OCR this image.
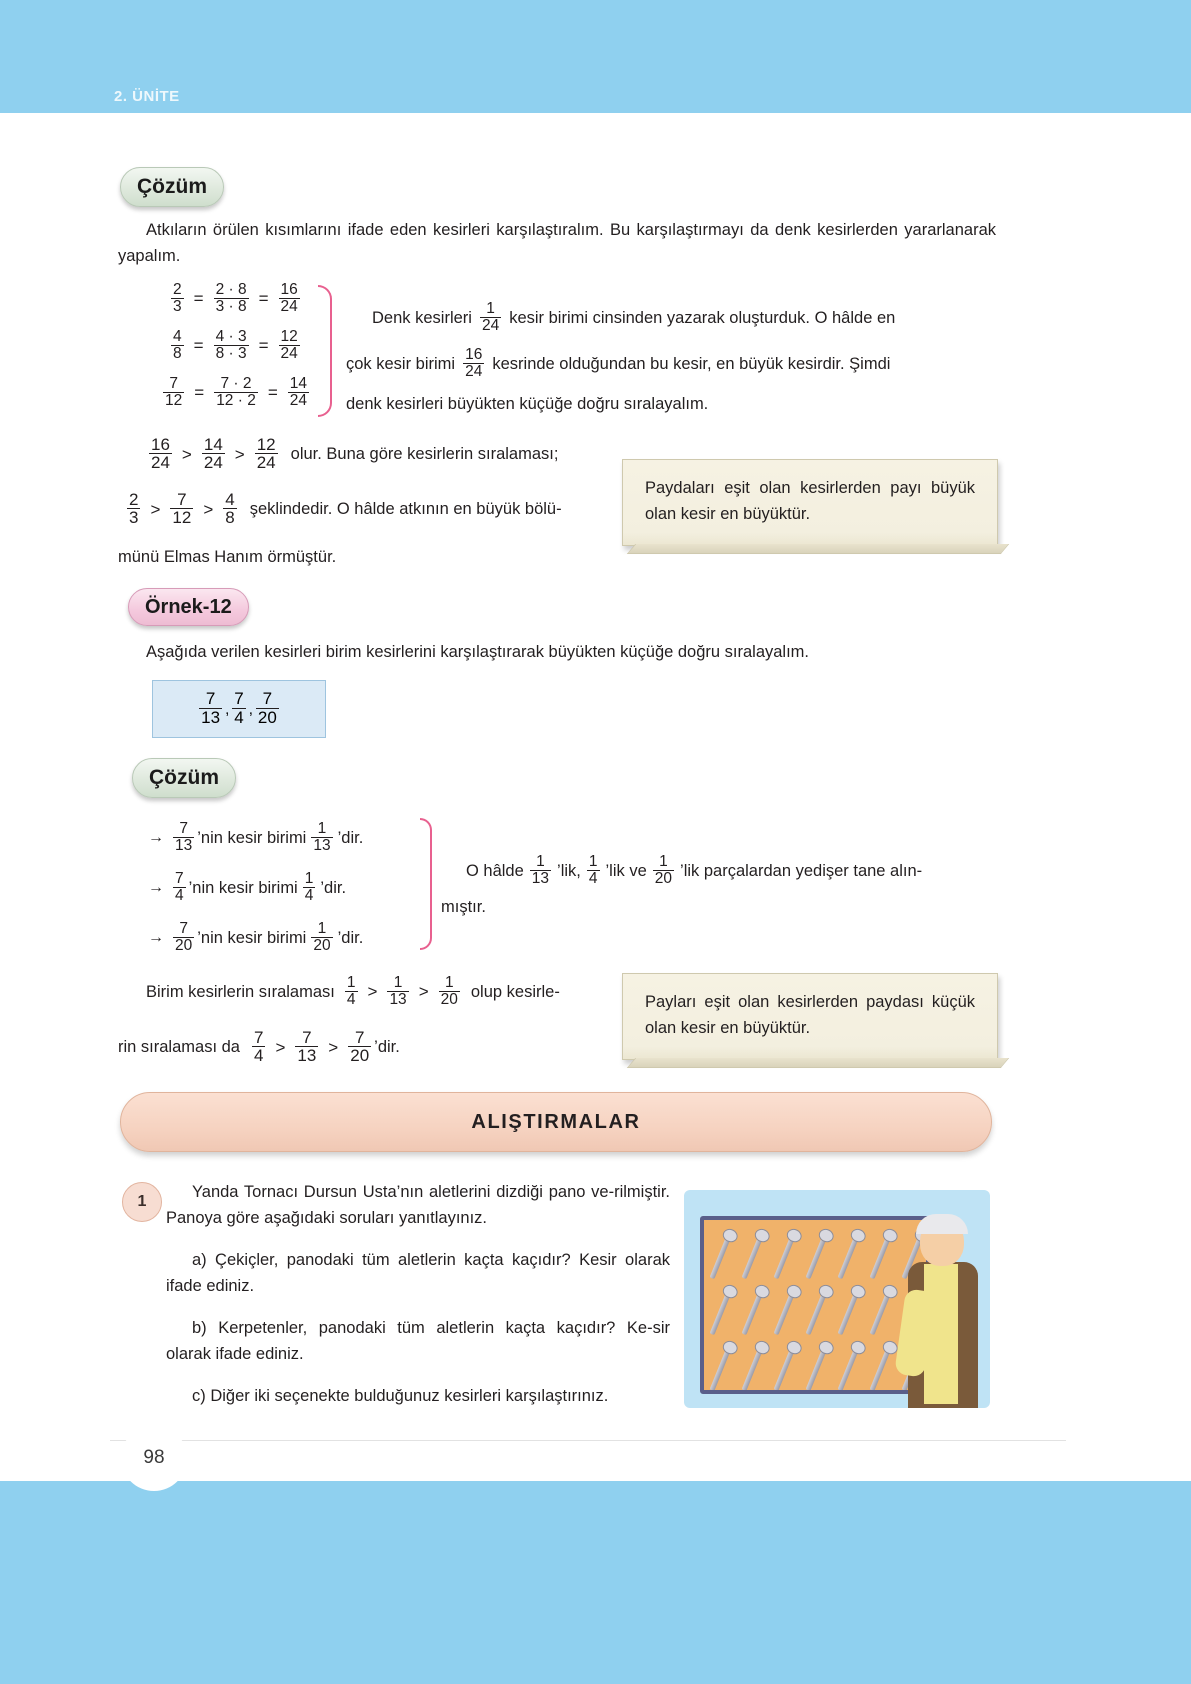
2. ÜNİTE
Çözüm
Atkıların örülen kısımlarını ifade eden kesirleri karşılaştıralım. Bu karşılaştırmayı da denk kesirlerden yararlanarak yapalım.
$\frac{2}{3} = \frac{2 \cdot 8}{3 \cdot 8} = \frac{16}{24}$
$\frac{4}{8} = \frac{4 \cdot 3}{8 \cdot 3} = \frac{12}{24}$
$\frac{7}{12} = \frac{7 \cdot 2}{12 \cdot 2} = \frac{14}{24}$
Denk kesirleri $\frac{1}{24}$ kesir birimi cinsinden yazarak oluşturduk. O hâlde en
çok kesir birimi $\frac{16}{24}$ kesrinde olduğundan bu kesir, en büyük kesirdir. Şimdi
denk kesirleri büyükten küçüğe doğru sıralayalım.
$\frac{16}{24} > \frac{14}{24} > \frac{12}{24}$ olur. Buna göre kesirlerin sıralaması;
$\frac{2}{3} > \frac{7}{12} > \frac{4}{8}$ şeklindedir. O hâlde atkının en büyük bölü-
münü Elmas Hanım örmüştür.
Paydaları eşit olan kesirlerden payı büyük olan kesir en büyüktür.
Örnek-12
Aşağıda verilen kesirleri birim kesirlerini karşılaştırarak büyükten küçüğe doğru sıralayalım.
$\frac{7}{13}$ , $\frac{7}{4}$ , $\frac{7}{20}$
Çözüm
→ $\frac{7}{13}$ ’nin kesir birimi $\frac{1}{13}$ ’dir.
→ $\frac{7}{4}$ ’nin kesir birimi $\frac{1}{4}$ ’dir.
→ $\frac{7}{20}$ ’nin kesir birimi $\frac{1}{20}$ ’dir.
O hâlde $\frac{1}{13}$ ’lik, $\frac{1}{4}$ ’lik ve $\frac{1}{20}$ ’lik parçalardan yedişer tane alın-
mıştır.
Birim kesirlerin sıralaması $\frac{1}{4} > \frac{1}{13} > \frac{1}{20}$ olup kesirle-
rin sıralaması da $\frac{7}{4} > \frac{7}{13} > \frac{7}{20}$ ’dir.
Payları eşit olan kesirlerden paydası küçük olan kesir en büyüktür.
ALIŞTIRMALAR
1
Yanda Tornacı Dursun Usta’nın aletlerini dizdiği pano ve-rilmiştir. Panoya göre aşağıdaki soruları yanıtlayınız.
a) Çekiçler, panodaki tüm aletlerin kaçta kaçıdır? Kesir olarak ifade ediniz.
b) Kerpetenler, panodaki tüm aletlerin kaçta kaçıdır? Ke-sir olarak ifade ediniz.
c) Diğer iki seçenekte bulduğunuz kesirleri karşılaştırınız.
98
